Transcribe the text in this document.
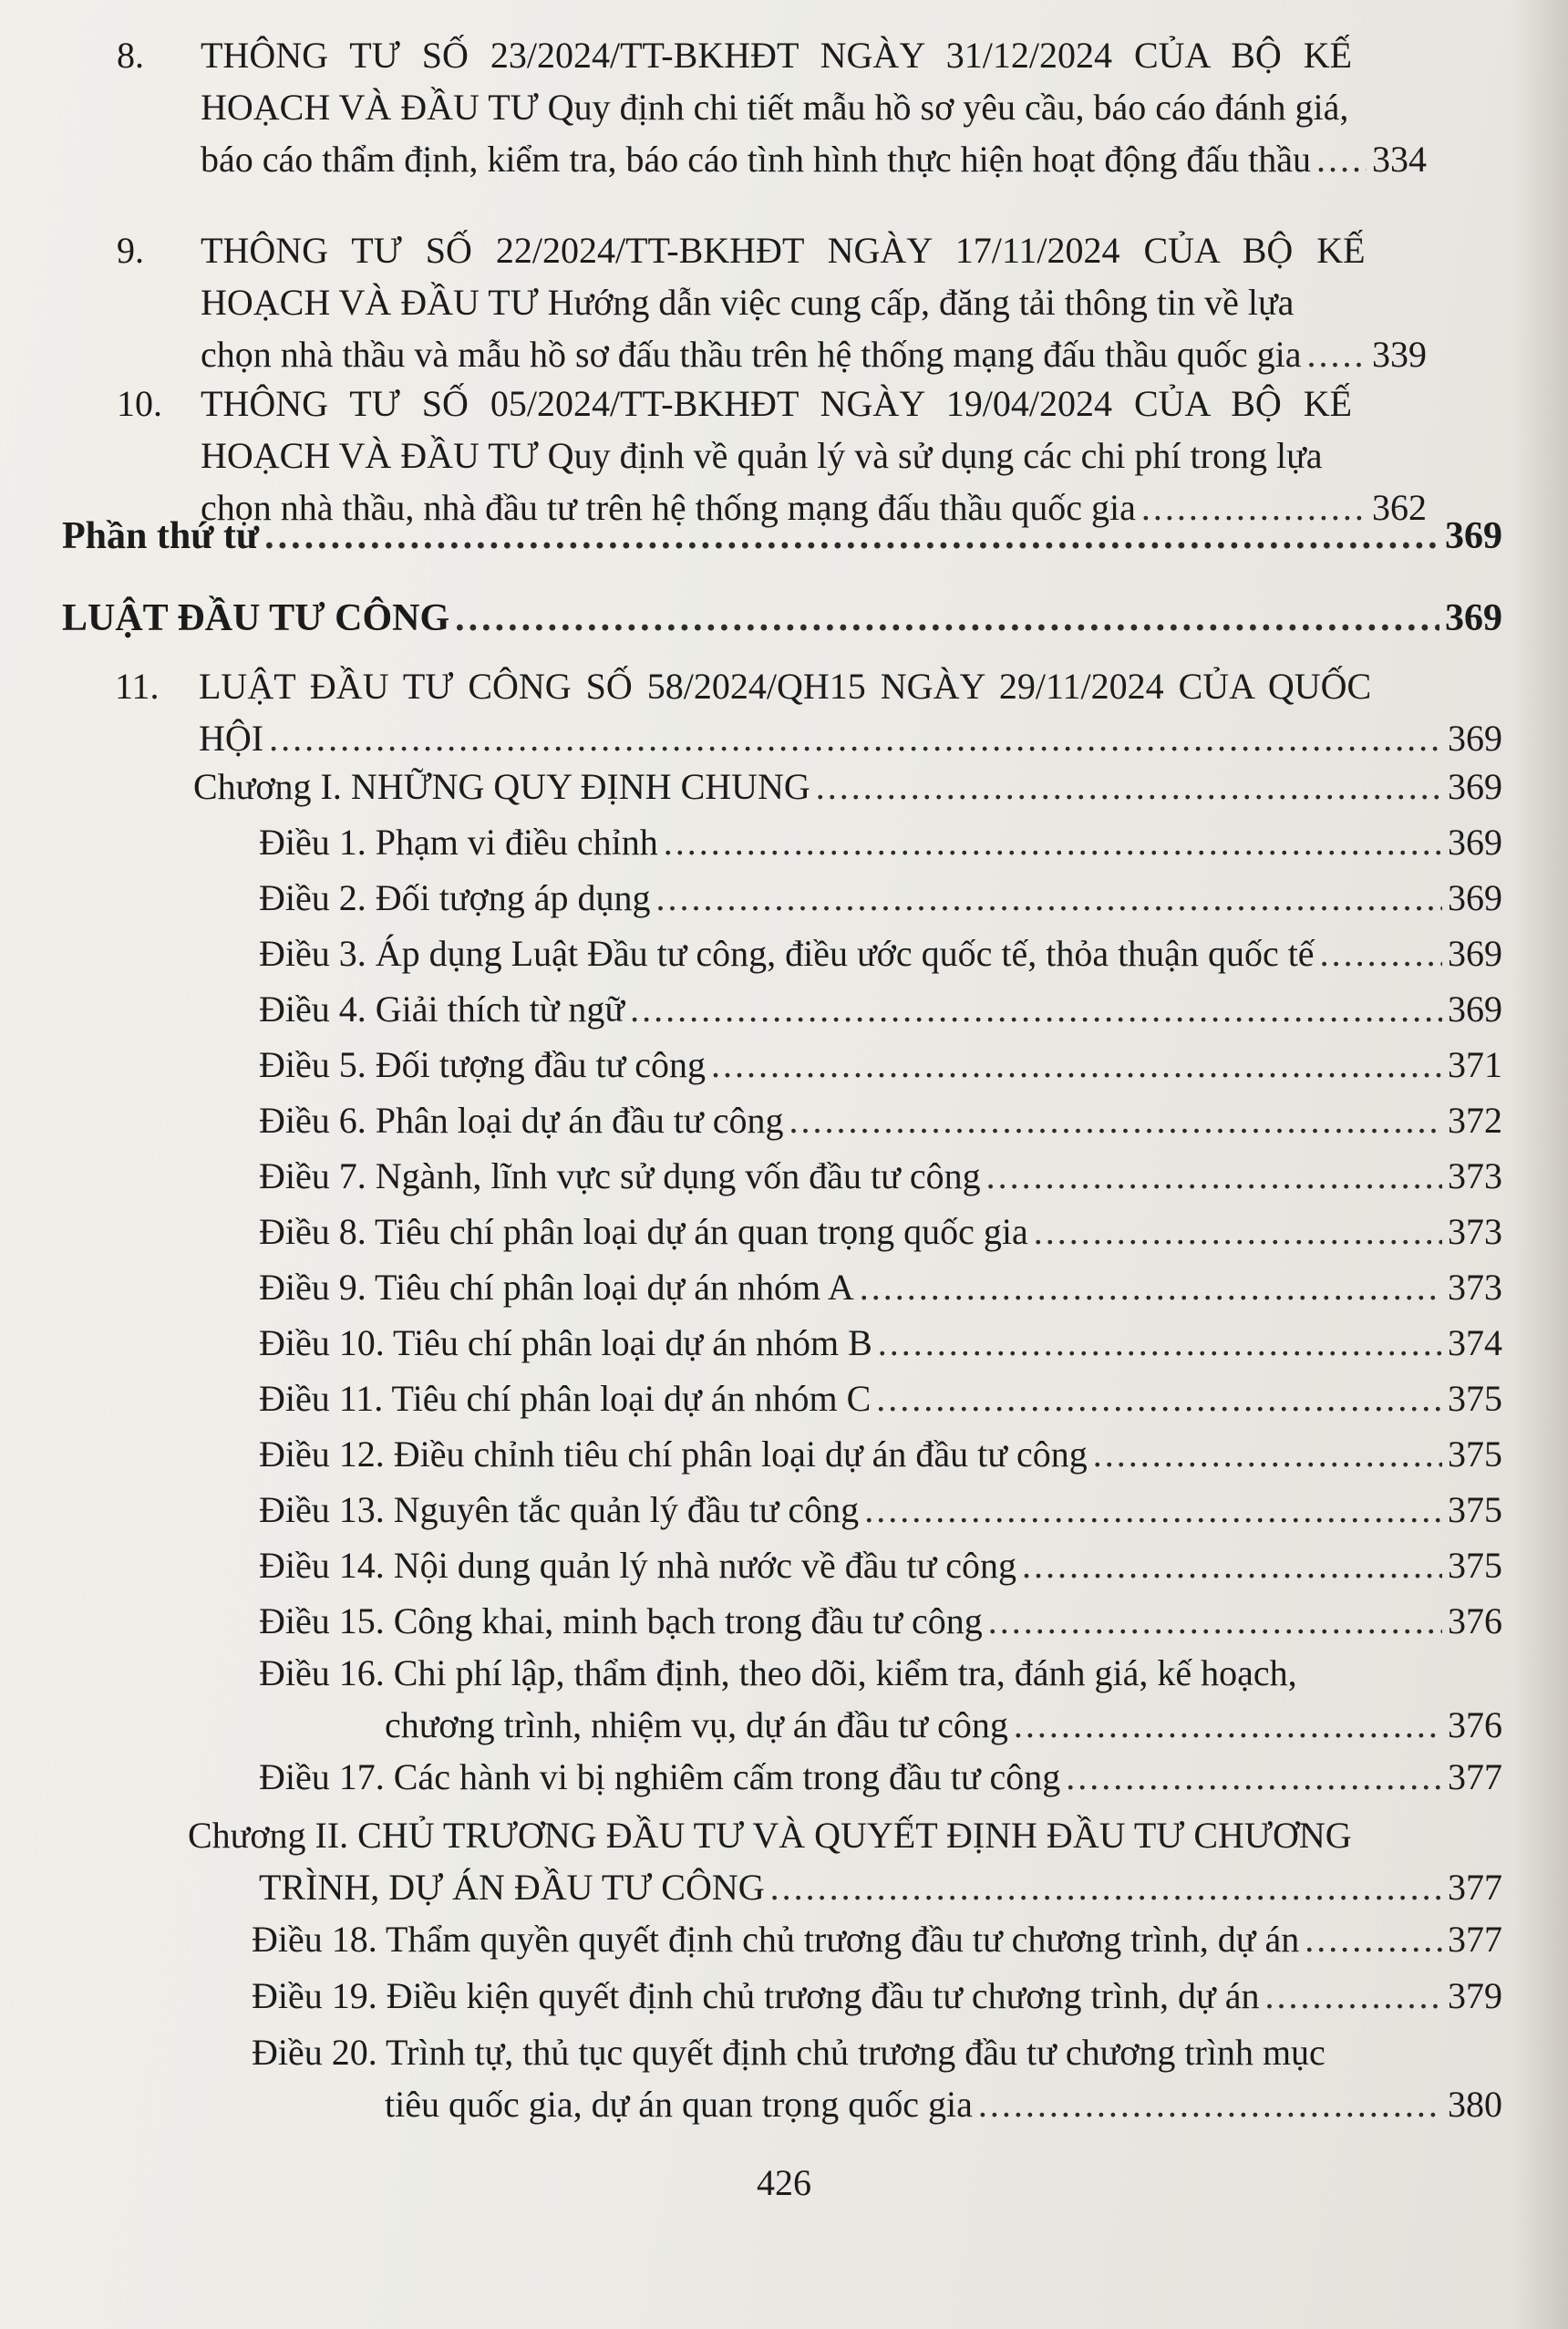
8. THÔNG TƯ SỐ 23/2024/TT-BKHĐT NGÀY 31/12/2024 CỦA BỘ KẾ
HOẠCH VÀ ĐẦU TƯ Quy định chi tiết mẫu hồ sơ yêu cầu, báo cáo đánh giá,
báo cáo thẩm định, kiểm tra, báo cáo tình hình thực hiện hoạt động đấu thầu ..... 334
9. THÔNG TƯ SỐ 22/2024/TT-BKHĐT NGÀY 17/11/2024 CỦA BỘ KẾ
HOẠCH VÀ ĐẦU TƯ Hướng dẫn việc cung cấp, đăng tải thông tin về lựa
chọn nhà thầu và mẫu hồ sơ đấu thầu trên hệ thống mạng đấu thầu quốc gia ..... 339
10. THÔNG TƯ SỐ 05/2024/TT-BKHĐT NGÀY 19/04/2024 CỦA BỘ KẾ
HOẠCH VÀ ĐẦU TƯ Quy định về quản lý và sử dụng các chi phí trong lựa
chọn nhà thầu, nhà đầu tư trên hệ thống mạng đấu thầu quốc gia .....	362
Phần thứ tư .....	369
LUẬT ĐẦU TƯ CÔNG .....	369
11. LUẬT ĐẦU TƯ CÔNG SỐ 58/2024/QH15 NGÀY 29/11/2024 CỦA QUỐC
HỘI .....	369
Chương I. NHỮNG QUY ĐỊNH CHUNG .....	369
Điều 1. Phạm vi điều chỉnh .....	369
Điều 2. Đối tượng áp dụng .....	369
Điều 3. Áp dụng Luật Đầu tư công, điều ước quốc tế, thỏa thuận quốc tế .....	369
Điều 4. Giải thích từ ngữ .....	369
Điều 5. Đối tượng đầu tư công .....	371
Điều 6. Phân loại dự án đầu tư công .....	372
Điều 7. Ngành, lĩnh vực sử dụng vốn đầu tư công .....	373
Điều 8. Tiêu chí phân loại dự án quan trọng quốc gia .....	373
Điều 9. Tiêu chí phân loại dự án nhóm A .....	373
Điều 10. Tiêu chí phân loại dự án nhóm B .....	374
Điều 11. Tiêu chí phân loại dự án nhóm C .....	375
Điều 12. Điều chỉnh tiêu chí phân loại dự án đầu tư công .....	375
Điều 13. Nguyên tắc quản lý đầu tư công .....	375
Điều 14. Nội dung quản lý nhà nước về đầu tư công .....	375
Điều 15. Công khai, minh bạch trong đầu tư công .....	376
Điều 16. Chi phí lập, thẩm định, theo dõi, kiểm tra, đánh giá, kế hoạch,
chương trình, nhiệm vụ, dự án đầu tư công .....	376
Điều 17. Các hành vi bị nghiêm cấm trong đầu tư công .....	377
Chương II. CHỦ TRƯƠNG ĐẦU TƯ VÀ QUYẾT ĐỊNH ĐẦU TƯ CHƯƠNG
TRÌNH, DỰ ÁN ĐẦU TƯ CÔNG .....	377
Điều 18. Thẩm quyền quyết định chủ trương đầu tư chương trình, dự án .....	377
Điều 19. Điều kiện quyết định chủ trương đầu tư chương trình, dự án .....	379
Điều 20. Trình tự, thủ tục quyết định chủ trương đầu tư chương trình mục
tiêu quốc gia, dự án quan trọng quốc gia .....	380
426
